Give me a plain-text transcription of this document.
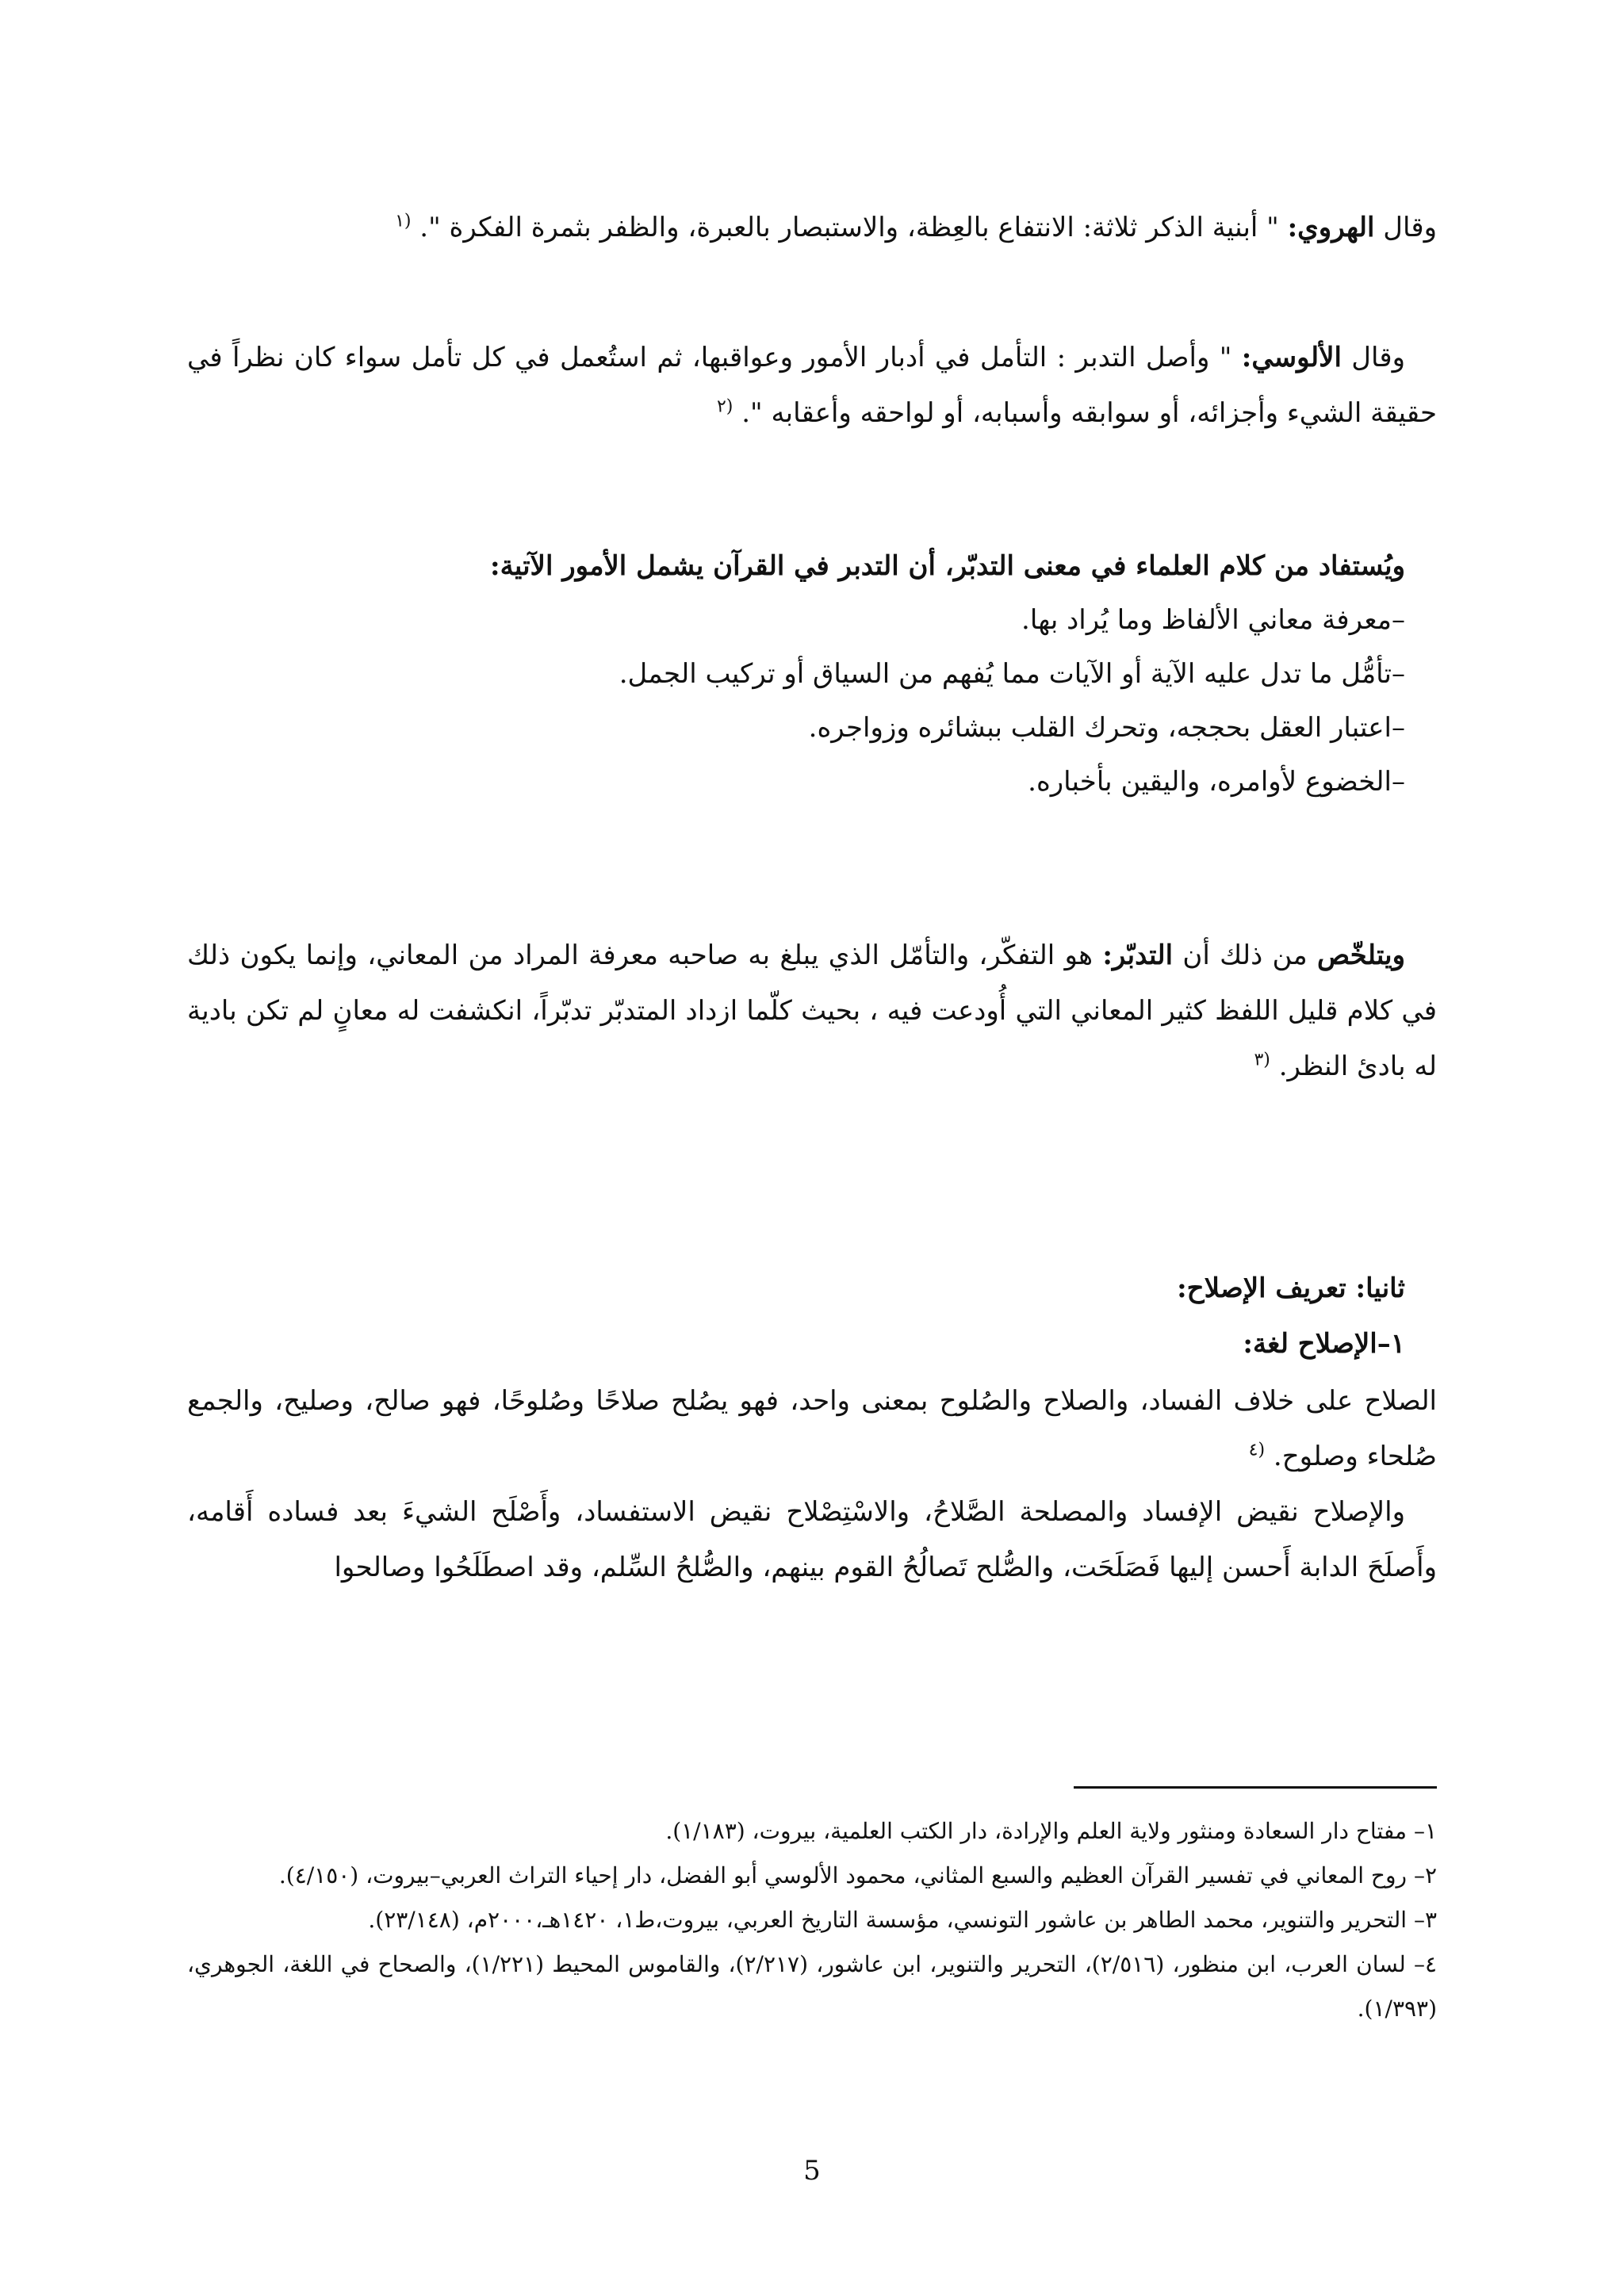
وقال الهروي: " أبنية الذكر ثلاثة: الانتفاع بالعِظة، والاستبصار بالعبرة، والظفر بثمرة الفكرة ". $^{(١}$

وقال الألوسي: " وأصل التدبر : التأمل في أدبار الأمور وعواقبها، ثم استُعمل في كل تأمل سواء كان نظراً في حقيقة الشيء وأجزائه، أو سوابقه وأسبابه، أو لواحقه وأعقابه ". $^{(٢}$

ويُستفاد من كلام العلماء في معنى التدبّر، أن التدبر في القرآن يشمل الأمور الآتية:
–معرفة معاني الألفاظ وما يُراد بها.
–تأمُّل ما تدل عليه الآية أو الآيات مما يُفهم من السياق أو تركيب الجمل.
–اعتبار العقل بحججه، وتحرك القلب ببشائره وزواجره.
–الخضوع لأوامره، واليقين بأخباره.

ويتلخّص من ذلك أن التدبّر: هو التفكّر، والتأمّل الذي يبلغ به صاحبه معرفة المراد من المعاني، وإنما يكون ذلك في كلام قليل اللفظ كثير المعاني التي أُودعت فيه ، بحيث كلّما ازداد المتدبّر تدبّراً، انكشفت له معانٍ لم تكن بادية له بادئ النظر. $^{(٣}$

ثانيا: تعريف الإصلاح:

١–الإصلاح لغة:

الصلاح على خلاف الفساد، والصلاح والصُلوح بمعنى واحد، فهو يصُلح صلاحًا وصُلوحًا، فهو صالح، وصليح، والجمع صُلحاء وصلوح. $^{(٤}$

والإصلاح نقيض الإفساد والمصلحة الصَّلاحُ، والاسْتِصْلاح نقيض الاستفساد، وأَصْلَح الشيءَ بعد فساده أَقامه، وأَصلَحَ الدابة أَحسن إليها فَصَلَحَت، والصُّلح تَصالُحُ القوم بينهم، والصُّلحُ السِّلم، وقد اصطَلَحُوا وصالحوا

١– مفتاح دار السعادة ومنثور ولاية العلم والإرادة، دار الكتب العلمية، بيروت، (١/١٨٣).

٢– روح المعاني في تفسير القرآن العظيم والسبع المثاني، محمود الألوسي أبو الفضل، دار إحياء التراث العربي–بيروت، (٤/١٥٠).

٣– التحرير والتنوير، محمد الطاهر بن عاشور التونسي، مؤسسة التاريخ العربي، بيروت،ط١، ١٤٢٠هـ،٢٠٠٠م، (٢٣/١٤٨).

٤– لسان العرب، ابن منظور، (٢/٥١٦)، التحرير والتنوير، ابن عاشور، (٢/٢١٧)، والقاموس المحيط (١/٢٢١)، والصحاح في اللغة، الجوهري، (١/٣٩٣).

5
